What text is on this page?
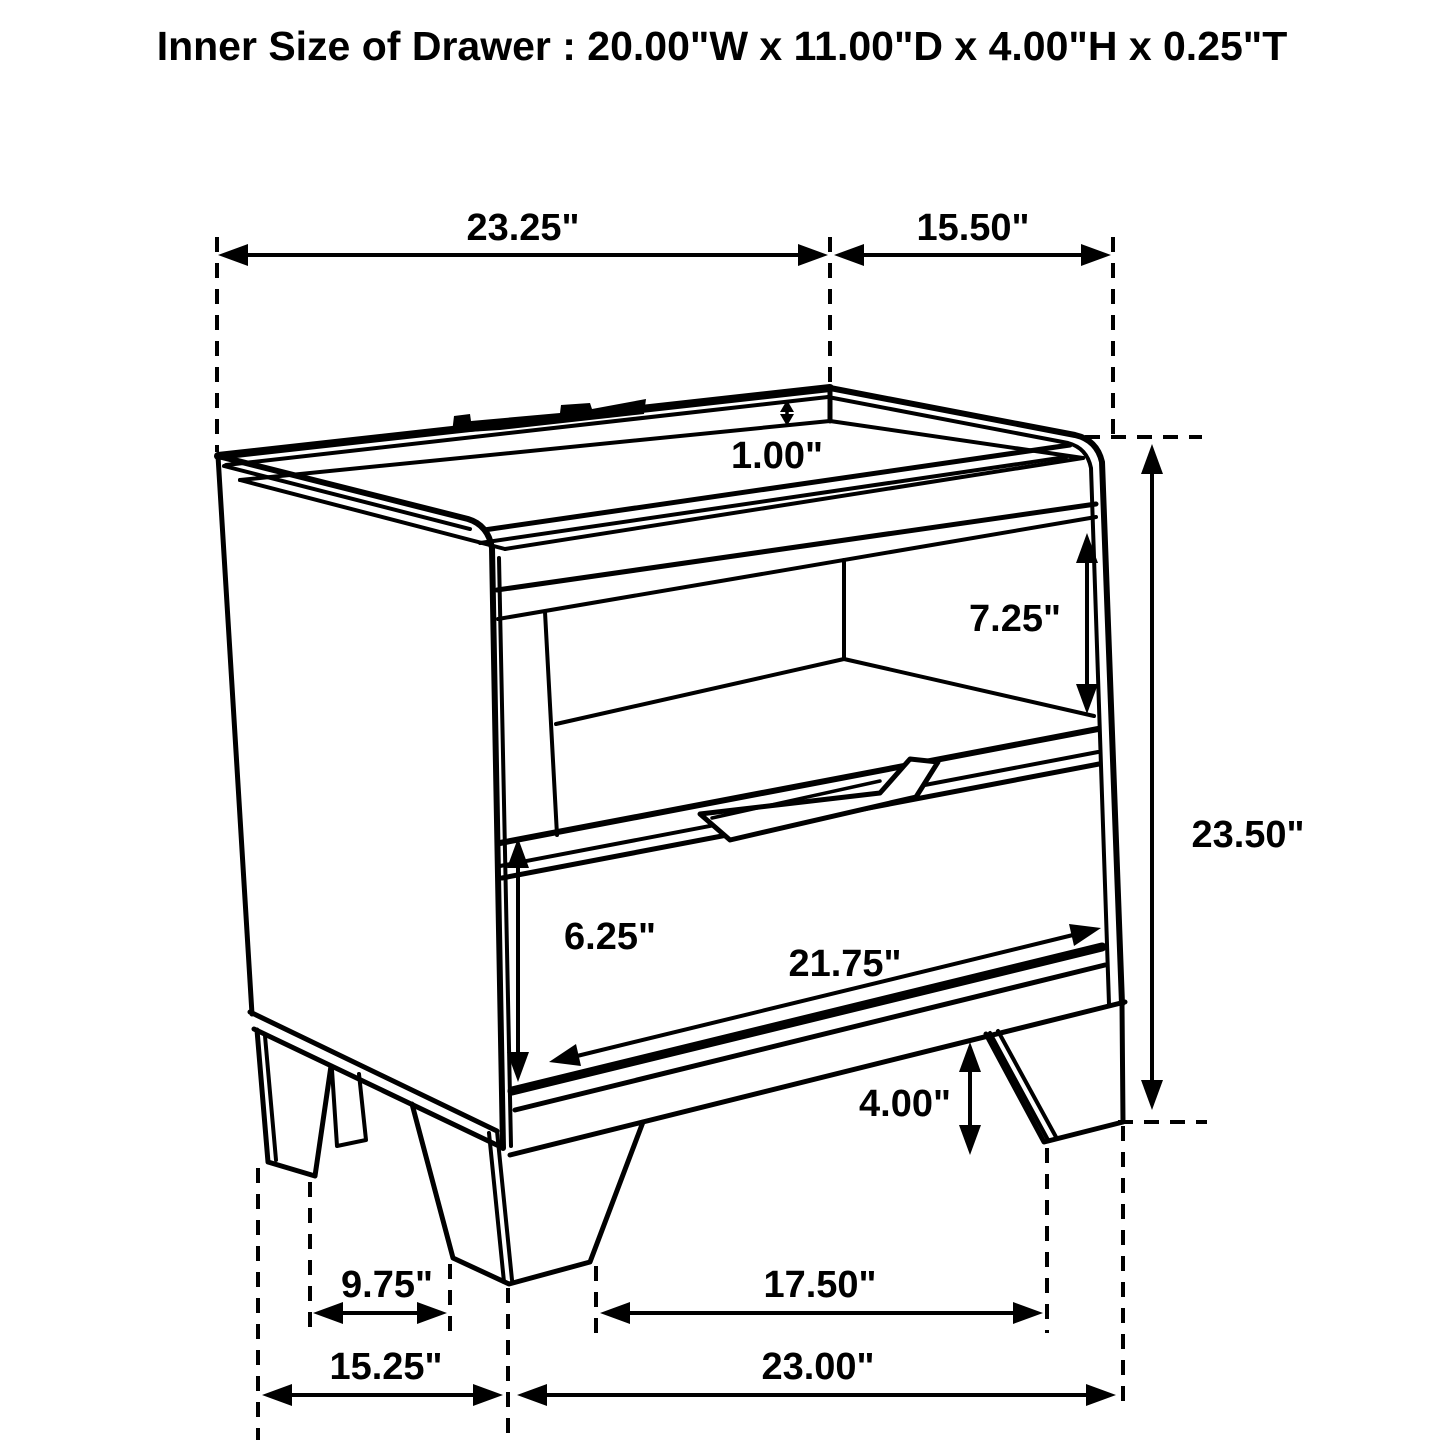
Inner Size of Drawer : 20.00"W x 11.00"D x 4.00"H x 0.25"T
23.25"	15.50"
1.00"
7.25"
23.50"
6.25"
21.75"
4.00"
9.75"
15.25"
17.50"
23.00"
